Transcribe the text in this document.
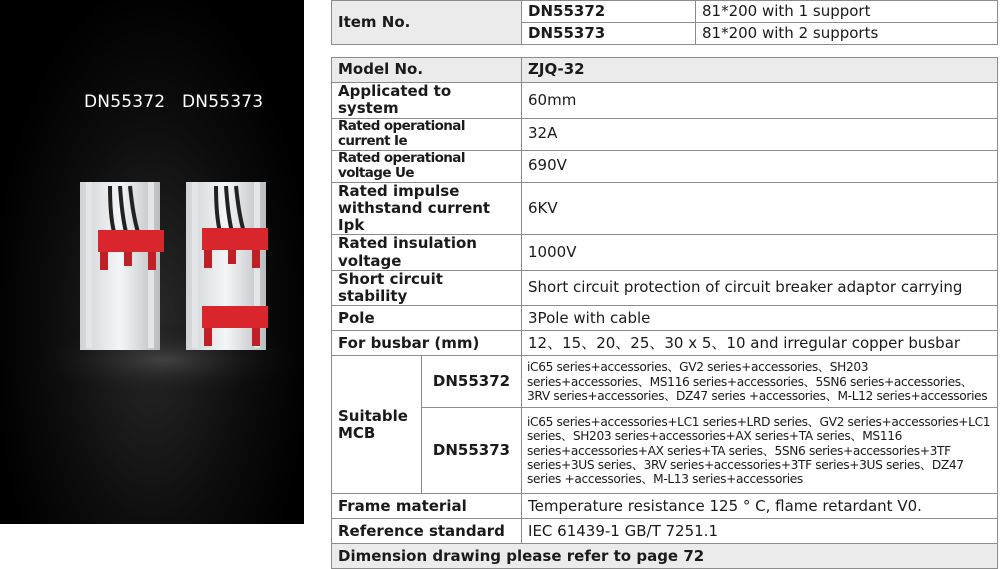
DN55372 DN55373
Item No.	DN55372	81*200 with 1 support
	DN55373	81*200 with 2 supports
Model No.		ZJQ-32
Applicated to system		60mm
Rated operational current Ie		32A
Rated operational voltage Ue		690V
Rated impulse withstand current Ipk		6KV
Rated insulation voltage		1000V
Short circuit stability		Short circuit protection of circuit breaker adaptor carrying
Pole		3Pole with cable
For busbar (mm)		12、15、20、25、30 x 5、10 and irregular copper busbar
Suitable MCB	DN55372	iC65 series+accessories、GV2 series+accessories、SH203 series+accessories、MS116 series+accessories、5SN6 series+accessories、3RV series+accessories、DZ47 series +accessories、M-L12 series+accessories
	DN55373	iC65 series+accessories+LC1 series+LRD series、GV2 series+accessories+LC1 series、SH203 series+accessories+AX series+TA series、MS116 series+accessories+AX series+TA series、5SN6 series+accessories+3TF series+3US series、3RV series+accessories+3TF series+3US series、DZ47 series +accessories、M-L13 series+accessories
Frame material		Temperature resistance 125 ° C, flame retardant V0.
Reference standard		IEC 61439-1 GB/T 7251.1
Dimension drawing please refer to page 72		
